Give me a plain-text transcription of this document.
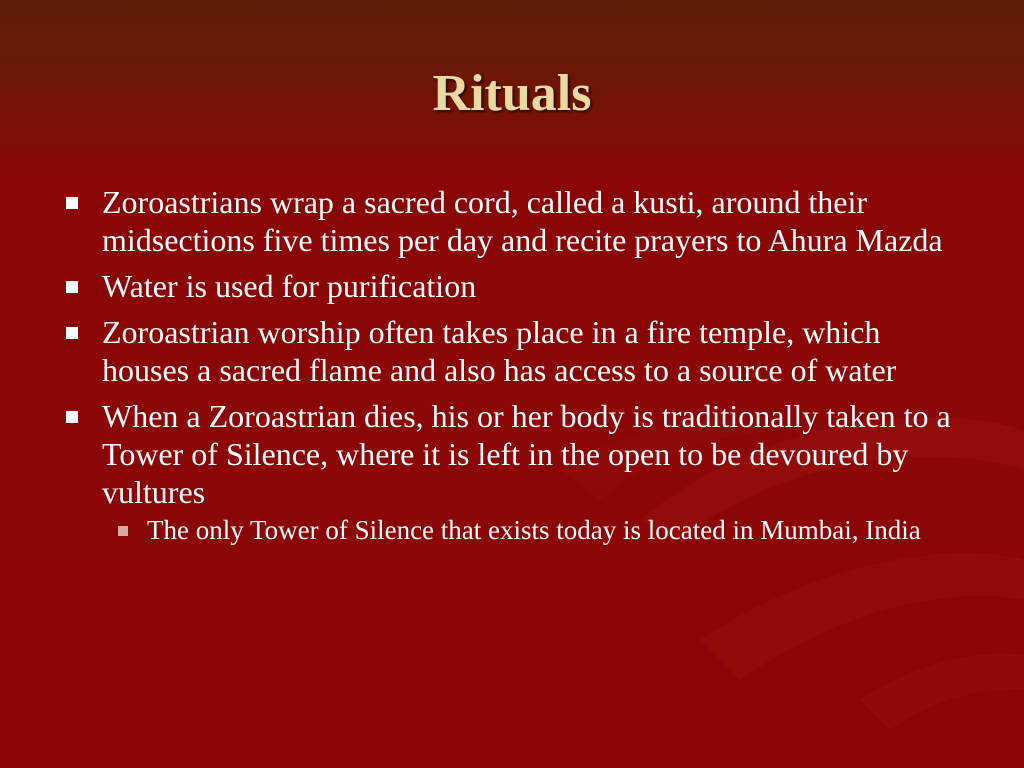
Rituals
Zoroastrians wrap a sacred cord, called a kusti, around their midsections five times per day and recite prayers to Ahura Mazda
Water is used for purification
Zoroastrian worship often takes place in a fire temple, which houses a sacred flame and also has access to a source of water
When a Zoroastrian dies, his or her body is traditionally taken to a Tower of Silence, where it is left in the open to be devoured by vultures
The only Tower of Silence that exists today is located in Mumbai, India
